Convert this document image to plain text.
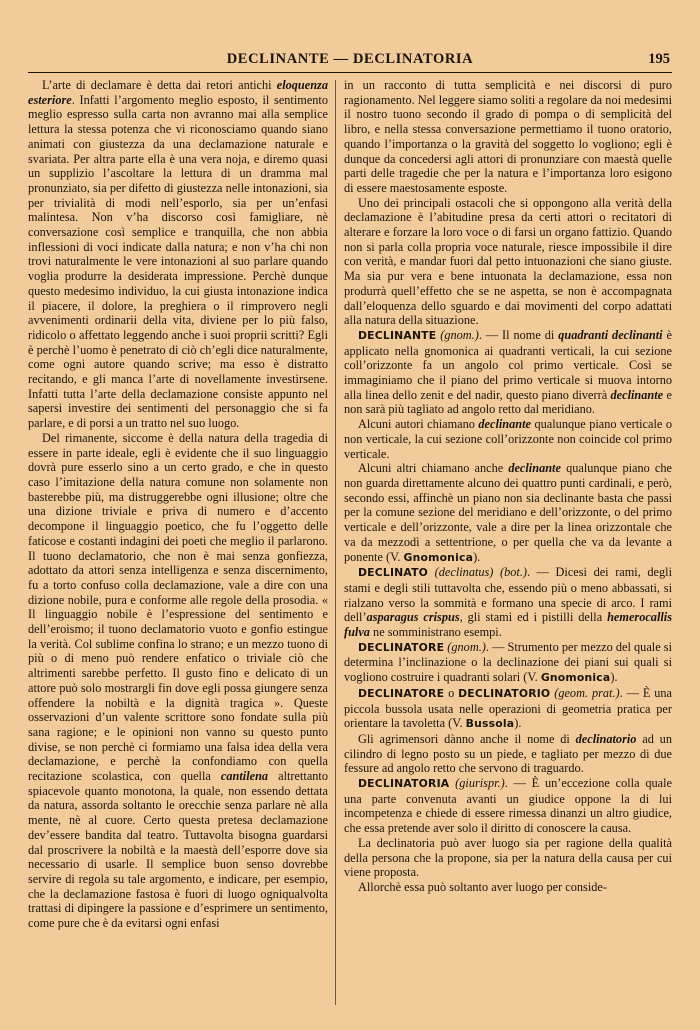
DECLINANTE — DECLINATORIA	195

L’arte di declamare è detta dai retori antichi eloquenza esteriore. Infatti l’argomento meglio esposto, il sentimento meglio espresso sulla carta non avranno mai alla semplice lettura la stessa potenza che vi riconosciamo quando siano animati con giustezza da una declamazione naturale e svariata. Per altra parte ella è una vera noja, e diremo quasi un supplizio l’ascoltare la lettura di un dramma mal pronunziato, sia per difetto di giustezza nelle intonazioni, sia per trivialità di modi nell’esporlo, sia per un’enfasi malintesa. Non v’ha discorso così famigliare, nè conversazione così semplice e tranquilla, che non abbia inflessioni di voci indicate dalla natura; e non v’ha chi non trovi naturalmente le vere intonazioni al suo parlare quando voglia produrre la desiderata impressione. Perchè dunque questo medesimo individuo, la cui giusta intonazione indica il piacere, il dolore, la preghiera o il rimprovero negli avvenimenti ordinarii della vita, diviene per lo più falso, ridicolo o affettato leggendo anche i suoi proprii scritti? Egli è perchè l’uomo è penetrato di ciò ch’egli dice naturalmente, come ogni autore quando scrive; ma esso è distratto recitando, e gli manca l’arte di novellamente investirsene. Infatti tutta l’arte della declamazione consiste appunto nel sapersi investire dei sentimenti del personaggio che si fa parlare, e di porsi a un tratto nel suo luogo.

Del rimanente, siccome è della natura della tragedia di essere in parte ideale, egli è evidente che il suo linguaggio dovrà pure esserlo sino a un certo grado, e che in questo caso l’imitazione della natura comune non solamente non basterebbe più, ma distruggerebbe ogni illusione; oltre che una dizione triviale e priva di numero e d’accento decompone il linguaggio poetico, che fu l’oggetto delle faticose e costanti indagini dei poeti che meglio il parlarono. Il tuono declamatorio, che non è mai senza gonfiezza, adottato da attori senza intelligenza e senza discernimento, fu a torto confuso colla declamazione, vale a dire con una dizione nobile, pura e conforme alle regole della prosodia. « Il linguaggio nobile è l’espressione del sentimento e dell’eroismo; il tuono declamatorio vuoto e gonfio estingue la verità. Col sublime confina lo strano; e un mezzo tuono di più o di meno può rendere enfatico o triviale ciò che altrimenti sarebbe perfetto. Il gusto fino e delicato di un attore può solo mostrargli fin dove egli possa giungere senza offendere la nobiltà e la dignità tragica ». Queste osservazioni d’un valente scrittore sono fondate sulla più sana ragione; e le opinioni non vanno su questo punto divise, se non perchè ci formiamo una falsa idea della vera declamazione, e perchè la confondiamo con quella recitazione scolastica, con quella cantilena altrettanto spiacevole quanto monotona, la quale, non essendo dettata da natura, assorda soltanto le orecchie senza parlare nè alla mente, nè al cuore. Certo questa pretesa declamazione dev’essere bandita dal teatro. Tuttavolta bisogna guardarsi dal proscrivere la nobiltà e la maestà dell’esporre dove sia necessario di usarle. Il semplice buon senso dovrebbe servire di regola su tale argomento, e indicare, per esempio, che la declamazione fastosa è fuori di luogo ogniqualvolta trattasi di dipingere la passione e d’esprimere un sentimento, come pure che è da evitarsi ogni enfasi

in un racconto di tutta semplicità e nei discorsi di puro ragionamento. Nel leggere siamo soliti a regolare da noi medesimi il nostro tuono secondo il grado di pompa o di semplicità del libro, e nella stessa conversazione permettiamo il tuono oratorio, quando l’importanza o la gravità del soggetto lo vogliono; egli è dunque da concedersi agli attori di pronunziare con maestà quelle parti delle tragedie che per la natura e l’importanza loro esigono di essere maestosamente esposte.

Uno dei principali ostacoli che si oppongono alla verità della declamazione è l’abitudine presa da certi attori o recitatori di alterare e forzare la loro voce o di farsi un organo fattizio. Quando non si parla colla propria voce naturale, riesce impossibile il dire con verità, e mandar fuori dal petto intuonazioni che siano giuste. Ma sia pur vera e bene intuonata la declamazione, essa non produrrà quell’effetto che se ne aspetta, se non è accompagnata dall’eloquenza dello sguardo e dai movimenti del corpo adattati alla natura della situazione.

DECLINANTE (gnom.). — Il nome di quadranti declinanti è applicato nella gnomonica ai quadranti verticali, la cui sezione coll’orizzonte fa un angolo col primo verticale. Così se immaginiamo che il piano del primo verticale si muova intorno alla linea dello zenit e del nadir, questo piano diverrà declinante e non sarà più tagliato ad angolo retto dal meridiano.

Alcuni autori chiamano declinante qualunque piano verticale o non verticale, la cui sezione coll’orizzonte non coincide col primo verticale.

Alcuni altri chiamano anche declinante qualunque piano che non guarda direttamente alcuno dei quattro punti cardinali, e però, secondo essi, affinchè un piano non sia declinante basta che passi per la comune sezione del meridiano e dell’orizzonte, o del primo verticale e dell’orizzonte, vale a dire per la linea orizzontale che va da mezzodì a settentrione, o per quella che va da levante a ponente (V. Gnomonica).

DECLINATO (declinatus) (bot.). — Dicesi dei rami, degli stami e degli stili tuttavolta che, essendo più o meno abbassati, si rialzano verso la sommità e formano una specie di arco. I rami dell’asparagus crispus, gli stami ed i pistilli della hemerocallis fulva ne somministrano esempi.

DECLINATORE (gnom.). — Strumento per mezzo del quale si determina l’inclinazione o la declinazione dei piani sui quali si vogliono costruire i quadranti solari (V. Gnomonica).

DECLINATORE o DECLINATORIO (geom. prat.). — È una piccola bussola usata nelle operazioni di geometria pratica per orientare la tavoletta (V. Bussola).

Gli agrimensori dànno anche il nome di declinatorio ad un cilindro di legno posto su un piede, e tagliato per mezzo di due fessure ad angolo retto che servono di traguardo.

DECLINATORIA (giurispr.). — È un’eccezione colla quale una parte convenuta avanti un giudice oppone la di lui incompetenza e chiede di essere rimessa dinanzi un altro giudice, che essa pretende aver solo il diritto di conoscere la causa.

La declinatoria può aver luogo sia per ragione della qualità della persona che la propone, sia per la natura della causa per cui viene proposta.

Allorchè essa può soltanto aver luogo per conside-
